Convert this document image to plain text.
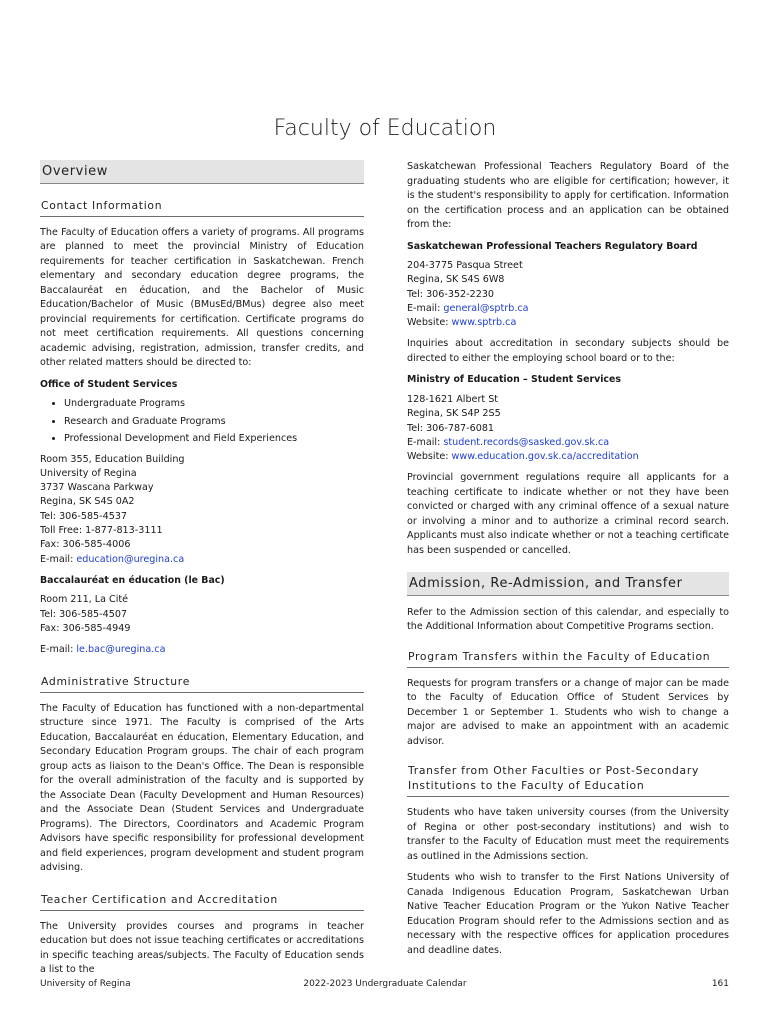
Faculty of Education
Overview
Contact Information

The Faculty of Education offers a variety of programs. All programs are planned to meet the provincial Ministry of Education requirements for teacher certification in Saskatchewan. French elementary and secondary education degree programs, the Baccalauréat en éducation, and the Bachelor of Music Education/Bachelor of Music (BMusEd/BMus) degree also meet provincial requirements for certification. Certificate programs do not meet certification requirements. All questions concerning academic advising, registration, admission, transfer credits, and other related matters should be directed to:

Office of Student Services
• Undergraduate Programs
• Research and Graduate Programs
• Professional Development and Field Experiences
Room 355, Education Building
University of Regina
3737 Wascana Parkway
Regina, SK S4S 0A2
Tel: 306-585-4537
Toll Free: 1-877-813-3111
Fax: 306-585-4006
E-mail: education@uregina.ca
Baccalauréat en éducation (le Bac)
Room 211, La Cité
Tel: 306-585-4507
Fax: 306-585-4949
E-mail: le.bac@uregina.ca
Administrative Structure

The Faculty of Education has functioned with a non-departmental structure since 1971. The Faculty is comprised of the Arts Education, Baccalauréat en éducation, Elementary Education, and Secondary Education Program groups. The chair of each program group acts as liaison to the Dean's Office. The Dean is responsible for the overall administration of the faculty and is supported by the Associate Dean (Faculty Development and Human Resources) and the Associate Dean (Student Services and Undergraduate Programs). The Directors, Coordinators and Academic Program Advisors have specific responsibility for professional development and field experiences, program development and student program advising.

Teacher Certification and Accreditation

The University provides courses and programs in teacher education but does not issue teaching certificates or accreditations in specific teaching areas/subjects. The Faculty of Education sends a list to the

Saskatchewan Professional Teachers Regulatory Board of the graduating students who are eligible for certification; however, it is the student's responsibility to apply for certification. Information on the certification process and an application can be obtained from the:

Saskatchewan Professional Teachers Regulatory Board
204-3775 Pasqua Street
Regina, SK S4S 6W8
Tel: 306-352-2230
E-mail: general@sptrb.ca
Website: www.sptrb.ca

Inquiries about accreditation in secondary subjects should be directed to either the employing school board or to the:

Ministry of Education – Student Services
128-1621 Albert St
Regina, SK S4P 2S5
Tel: 306-787-6081
E-mail: student.records@sasked.gov.sk.ca
Website: www.education.gov.sk.ca/accreditation

Provincial government regulations require all applicants for a teaching certificate to indicate whether or not they have been convicted or charged with any criminal offence of a sexual nature or involving a minor and to authorize a criminal record search. Applicants must also indicate whether or not a teaching certificate has been suspended or cancelled.

Admission, Re-Admission, and Transfer

Refer to the Admission section of this calendar, and especially to the Additional Information about Competitive Programs section.

Program Transfers within the Faculty of Education

Requests for program transfers or a change of major can be made to the Faculty of Education Office of Student Services by December 1 or September 1. Students who wish to change a major are advised to make an appointment with an academic advisor.

Transfer from Other Faculties or Post-Secondary Institutions to the Faculty of Education

Students who have taken university courses (from the University of Regina or other post-secondary institutions) and wish to transfer to the Faculty of Education must meet the requirements as outlined in the Admissions section.

Students who wish to transfer to the First Nations University of Canada Indigenous Education Program, Saskatchewan Urban Native Teacher Education Program or the Yukon Native Teacher Education Program should refer to the Admissions section and as necessary with the respective offices for application procedures and deadline dates.

University of Regina	2022-2023 Undergraduate Calendar	161
